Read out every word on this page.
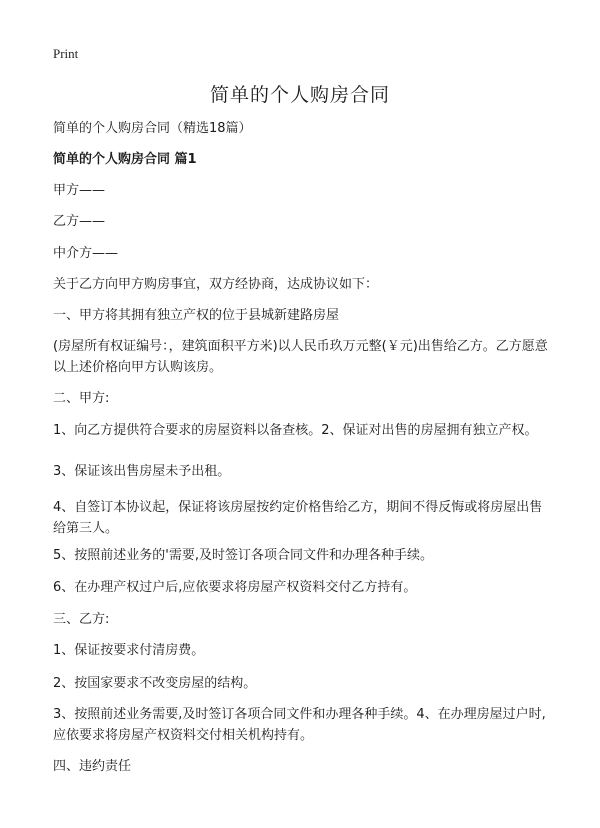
Print
简单的个人购房合同

简单的个人购房合同（精选18篇）

简单的个人购房合同 篇1

甲方——

乙方——

中介方——

关于乙方向甲方购房事宜，双方经协商，达成协议如下：

一、甲方将其拥有独立产权的位于县城新建路房屋

(房屋所有权证编号：，建筑面积平方米)以人民币玖万元整(￥元)出售给乙方。乙方愿意以上述价格向甲方认购该房。

二、甲方:

1、向乙方提供符合要求的房屋资料以备查核。2、保证对出售的房屋拥有独立产权。

3、保证该出售房屋未予出租。

4、自签订本协议起，保证将该房屋按约定价格售给乙方，期间不得反悔或将房屋出售给第三人。

5、按照前述业务的'需要,及时签订各项合同文件和办理各种手续。

6、在办理产权过户后,应依要求将房屋产权资料交付乙方持有。

三、乙方:

1、保证按要求付清房费。

2、按国家要求不改变房屋的结构。

3、按照前述业务需要,及时签订各项合同文件和办理各种手续。4、在办理房屋过户时,应依要求将房屋产权资料交付相关机构持有。

四、违约责任
